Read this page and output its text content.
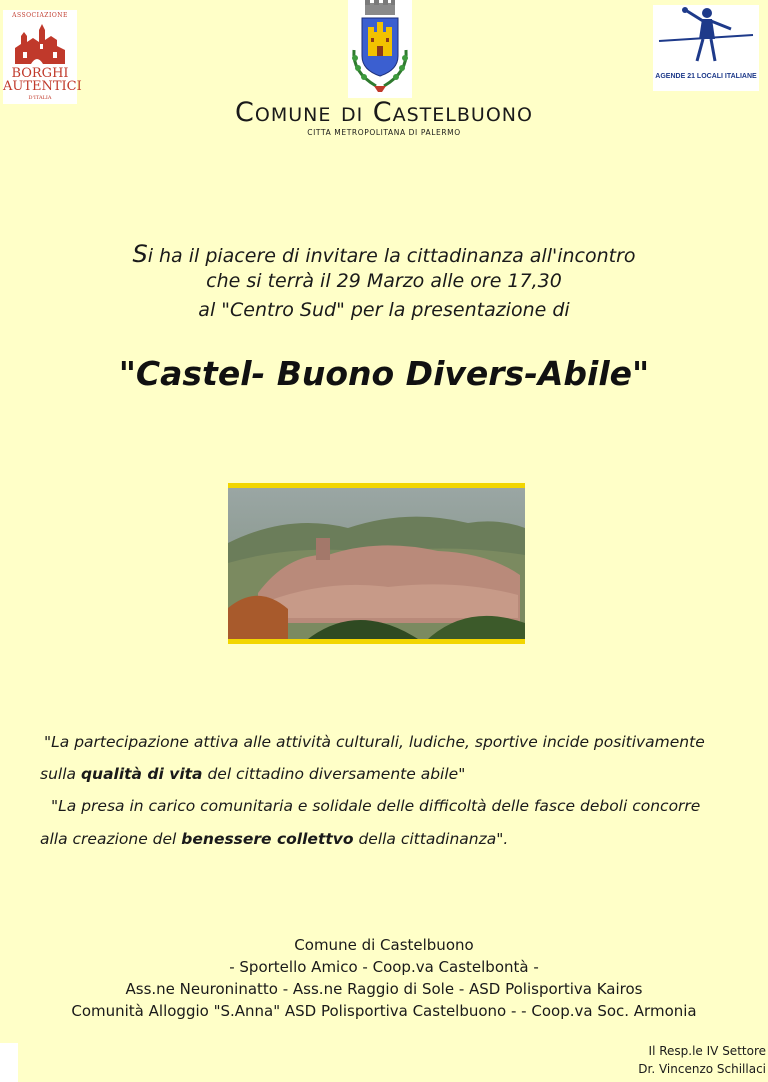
ASSOCIAZIONE
BORGHI
AUTENTICI
D'ITALIA
AGENDE 21 LOCALI ITALIANE
Comune di Castelbuono
CITTA METROPOLITANA DI PALERMO
Si ha il piacere di invitare la cittadinanza all'incontro
che si terrà il 29 Marzo alle ore 17,30
al "Centro Sud" per la presentazione di
"Castel- Buono Divers-Abile"
"La partecipazione attiva alle attività culturali, ludiche, sportive incide positivamente
sulla qualità di vita del cittadino diversamente abile"
"La presa in carico comunitaria e solidale delle difficoltà delle fasce deboli concorre
alla creazione del benessere collettvo della cittadinanza".
Comune di Castelbuono
- Sportello Amico - Coop.va Castelbontà -
Ass.ne Neuroninatto - Ass.ne Raggio di Sole - ASD Polisportiva Kairos
Comunità Alloggio "S.Anna" ASD Polisportiva Castelbuono - - Coop.va Soc. Armonia
Il Resp.le IV Settore
Dr. Vincenzo Schillaci
